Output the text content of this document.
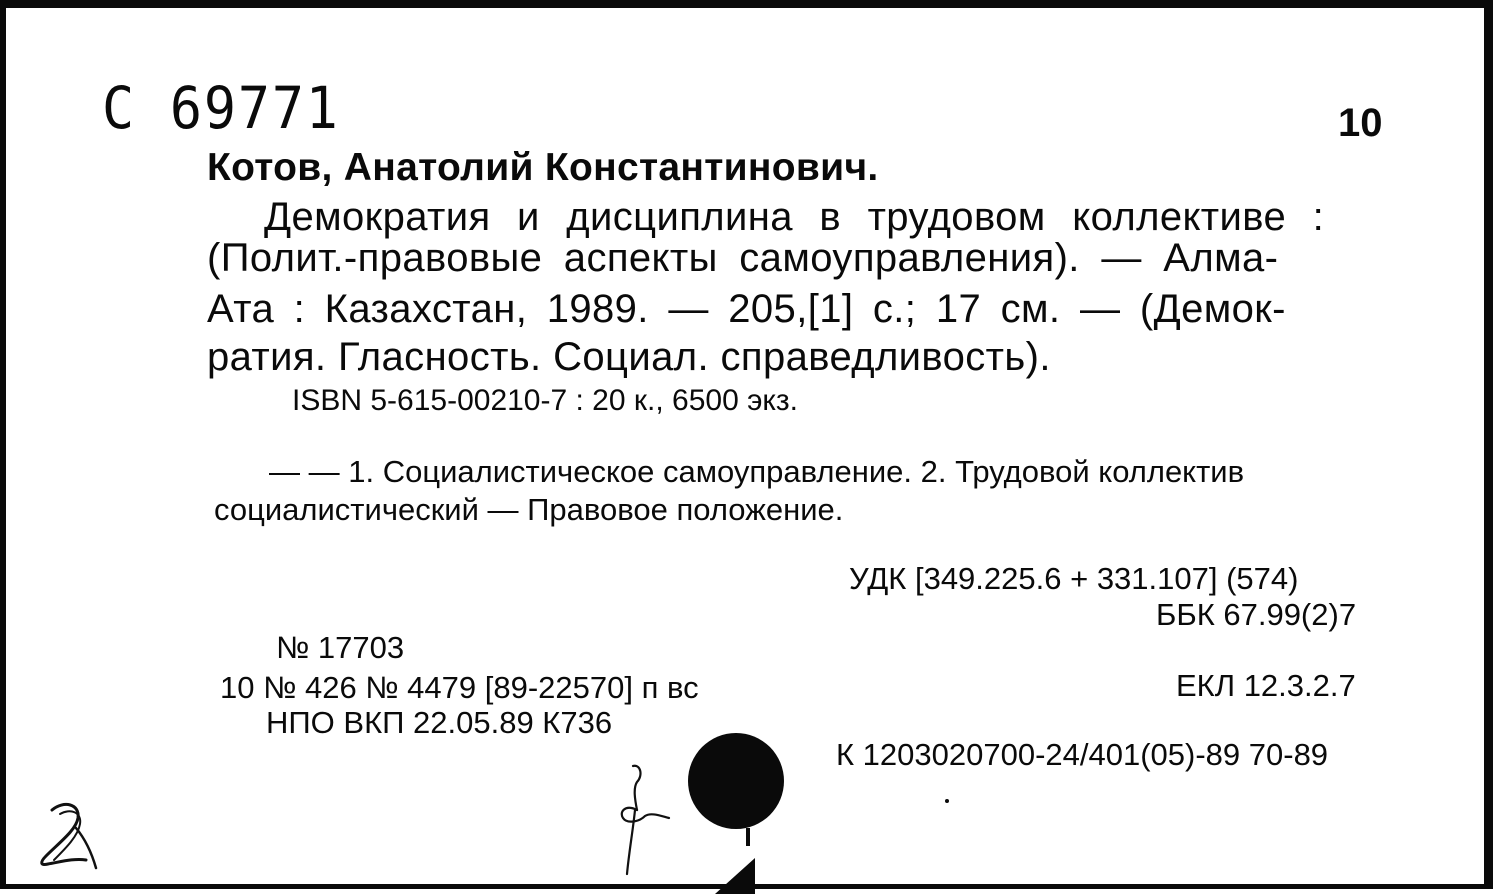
С 69771	10
Котов, Анатолий Константинович.
Демократия и дисциплина в трудовом коллективе :
(Полит.-правовые аспекты самоуправления). — Алма-
Ата : Казахстан, 1989. — 205,[1] с.; 17 см. — (Демок-
ратия. Гласность. Социал. справедливость).
ISBN 5-615-00210-7 : 20 к., 6500 экз.
— — 1. Социалистическое самоуправление. 2. Трудовой коллектив
социалистический — Правовое положение.
УДК [349.225.6 + 331.107] (574)
ББК 67.99(2)7
№ 17703
10 № 426 № 4479 [89-22570] п вс	ЕКЛ 12.3.2.7
НПО ВКП 22.05.89 К736
К 1203020700-24/401(05)-89 70-89
